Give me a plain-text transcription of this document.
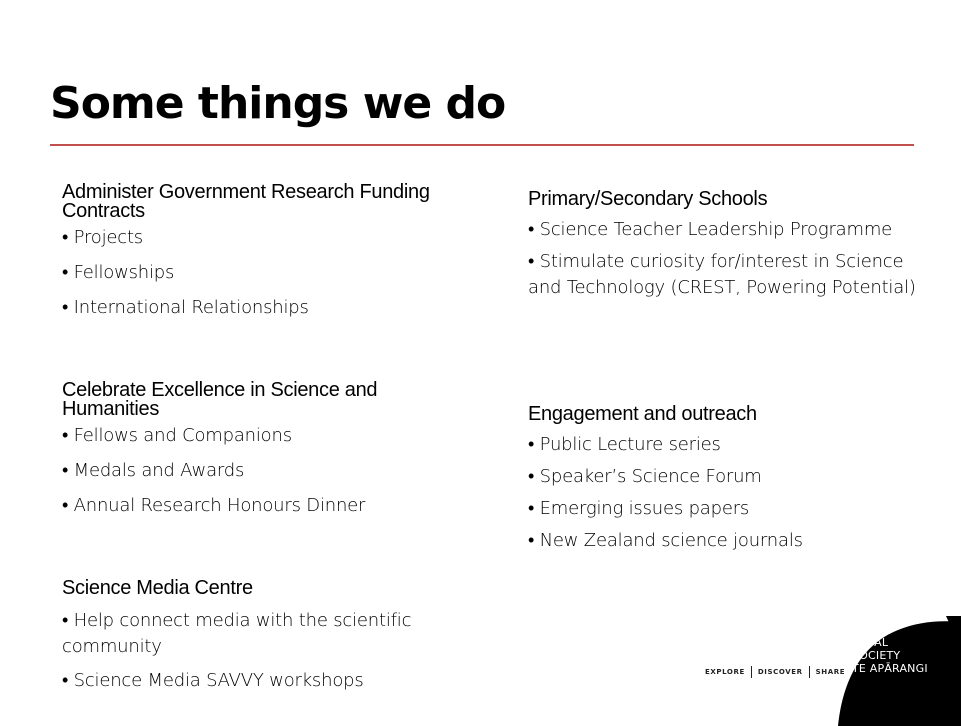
Some things we do

Administer Government Research Funding Contracts

• Projects
• Fellowships
• International Relationships

Celebrate Excellence in Science and Humanities

• Fellows and Companions
• Medals and Awards
• Annual Research Honours Dinner

Science Media Centre

• Help connect media with the scientific community
• Science Media SAVVY workshops

Primary/Secondary Schools

• Science Teacher Leadership Programme
• Stimulate curiosity for/interest in Science and Technology (CREST, Powering Potential)

Engagement and outreach

• Public Lecture series
• Speaker’s Science Forum
• Emerging issues papers
• New Zealand science journals
EXPLORE DISCOVER SHARE
ROYAL
SOCIETY
TE APĀRANGI
